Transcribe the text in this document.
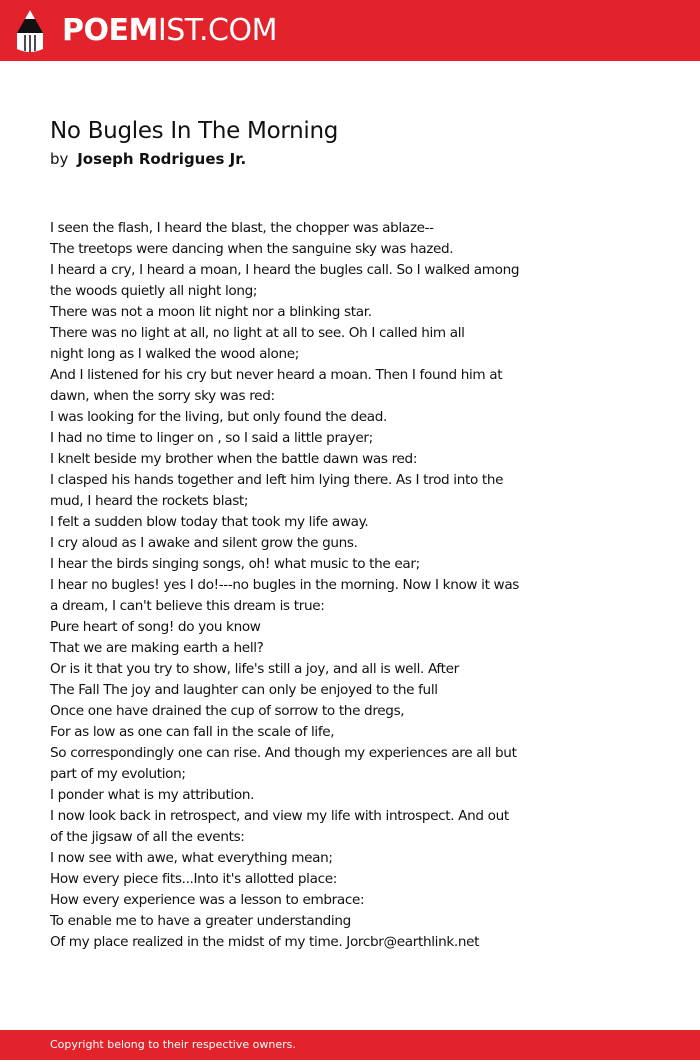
POEMIST.COM
No Bugles In The Morning
by Joseph Rodrigues Jr.
I seen the flash, I heard the blast, the chopper was ablaze--
The treetops were dancing when the sanguine sky was hazed.
I heard a cry, I heard a moan, I heard the bugles call. So I walked among
the woods quietly all night long;
There was not a moon lit night nor a blinking star.
There was no light at all, no light at all to see. Oh I called him all
night long as I walked the wood alone;
And I listened for his cry but never heard a moan. Then I found him at
dawn, when the sorry sky was red:
I was looking for the living, but only found the dead.
I had no time to linger on , so I said a little prayer;
I knelt beside my brother when the battle dawn was red:
I clasped his hands together and left him lying there. As I trod into the
mud, I heard the rockets blast;
I felt a sudden blow today that took my life away.
I cry aloud as I awake and silent grow the guns.
I hear the birds singing songs, oh! what music to the ear;
I hear no bugles! yes I do!---no bugles in the morning. Now I know it was
a dream, I can't believe this dream is true:
Pure heart of song! do you know
That we are making earth a hell?
Or is it that you try to show, life's still a joy, and all is well. After
The Fall The joy and laughter can only be enjoyed to the full
Once one have drained the cup of sorrow to the dregs,
For as low as one can fall in the scale of life,
So correspondingly one can rise. And though my experiences are all but
part of my evolution;
I ponder what is my attribution.
I now look back in retrospect, and view my life with introspect. And out
of the jigsaw of all the events:
I now see with awe, what everything mean;
How every piece fits...Into it's allotted place:
How every experience was a lesson to embrace:
To enable me to have a greater understanding
Of my place realized in the midst of my time. Jorcbr@earthlink.net
Copyright belong to their respective owners.
